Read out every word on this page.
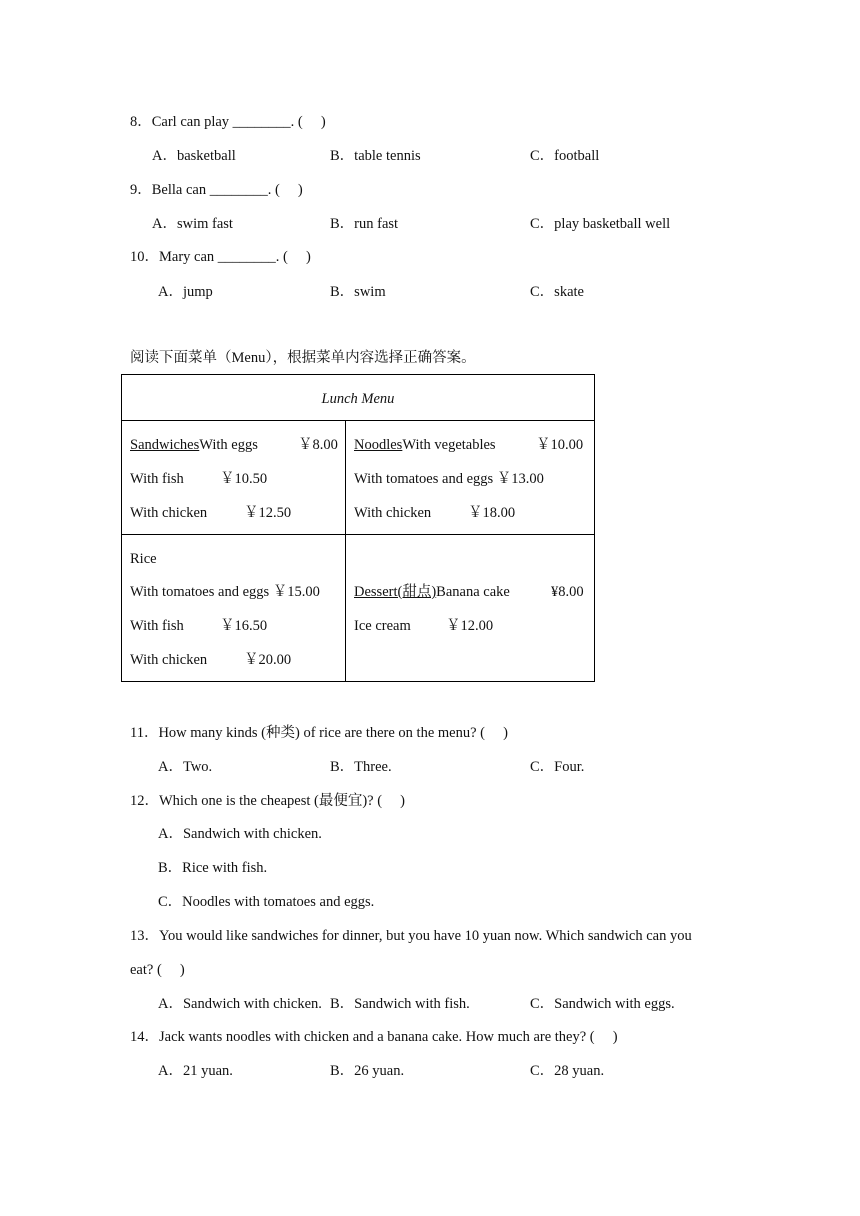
8．Carl can play ________. (     )
A．basketball	B．table tennis	C．football
9．Bella can ________. (     )
A．swim fast	B．run fast	C．play basketball well
10．Mary can ________. (     )
A．jump	B．swim	C．skate
阅读下面菜单（Menu），根据菜单内容选择正确答案。
Lunch Menu
SandwichesWith eggs	￥8.00
With fish ￥10.50
With chicken	￥12.50
NoodlesWith vegetables	￥10.00
With tomatoes and eggs ￥13.00
With chicken	￥18.00
Rice
With tomatoes and eggs ￥15.00
With fish ￥16.50
With chicken	￥20.00
Dessert(甜点)Banana cake	¥8.00
Ice cream ￥12.00
11．How many kinds (种类) of rice are there on the menu? (     )
A．Two.	B．Three.	C．Four.
12．Which one is the cheapest (最便宜)? (     )
A．Sandwich with chicken.
B．Rice with fish.
C．Noodles with tomatoes and eggs.
13．You would like sandwiches for dinner, but you have 10 yuan now. Which sandwich can you
eat? (     )
A．Sandwich with chicken. B．Sandwich with fish.	C．Sandwich with eggs.
14．Jack wants noodles with chicken and a banana cake. How much are they? (     )
A．21 yuan.	B．26 yuan.	C．28 yuan.
